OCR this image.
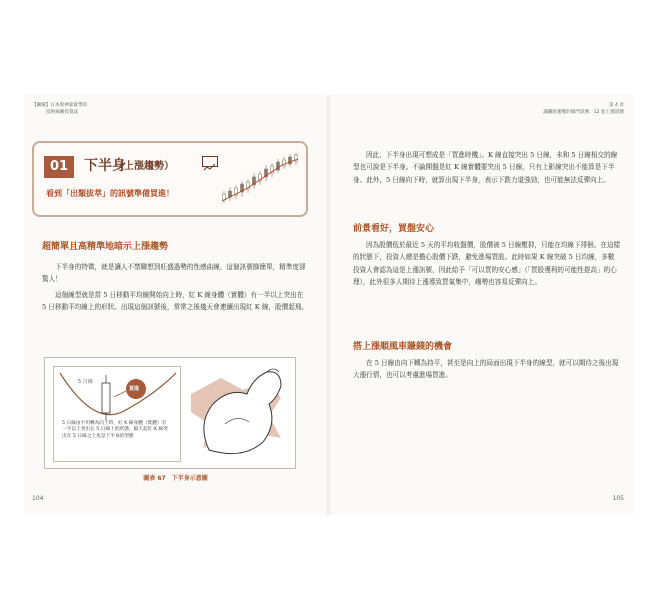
【圖解】日本股神靠量學的
技術線圖投資法
01	下半身
（上漲趨勢）
看到「出類拔萃」的訊號準備買進！
超簡單且高精準地暗示上漲趨勢

下半身的特徵，就是讓人不禁聯想到旺盛過勢的性感曲線，這個訊號篩簡單，精準度卻驚人！

這個線型就是當 5 日移動平均線開始向上時，紅 K 線身體（實體）有一半以上突出在 5 日移動平均線上的形狀。出現這個訊號後，常常之後幾天會連續出現紅 K 線，股價起飛。

5 日線
買進
5 日線由平坦轉為向上時，紅 K 線身體（實體）有一半以上突出在 5 日線上的狀態，隔天起紅 K 線突出在 5 日線之上也是下半身的型態
圖表 67　下半身示意圖
104
第 4 章
讓飆股漲勢的爆門訊號：12 套上漲訊號

因此，下半身出現可想成是「買進時機」。K 線直接突出 5 日線，未和 5 日線相交的線型也可說是下半身。不論開盤是紅 K 線實體要突出 5 日線，只有上影線突出不能算是下半身。此外，5 日線向下時，就算出現下半身，表示下跌力道強勁，也可能無法反彈向上。

前景看好，買盤安心

因為股價低於最近 5 天的平均收盤價，股價被 5 日線壓抑，只能在均線下徘徊。在這樣的狀態下，投資人總是擔心股價下跌，避免進場買股。此時如果 K 線突破 5 日均線，多數投資人會認為這是上漲訊號，因此給予「可以買的安心感」（「買股獲利的可能性提高」的心理），此外很多人期待上漲導致買氣集中，趨勢也容易反彈向上。

搭上漲順風車賺錢的機會

在 5 日線由向下轉為持平，甚至是向上的局面出現下半身的線型，就可以期待之後出現大漲行情，也可以考慮進場買進。

105
